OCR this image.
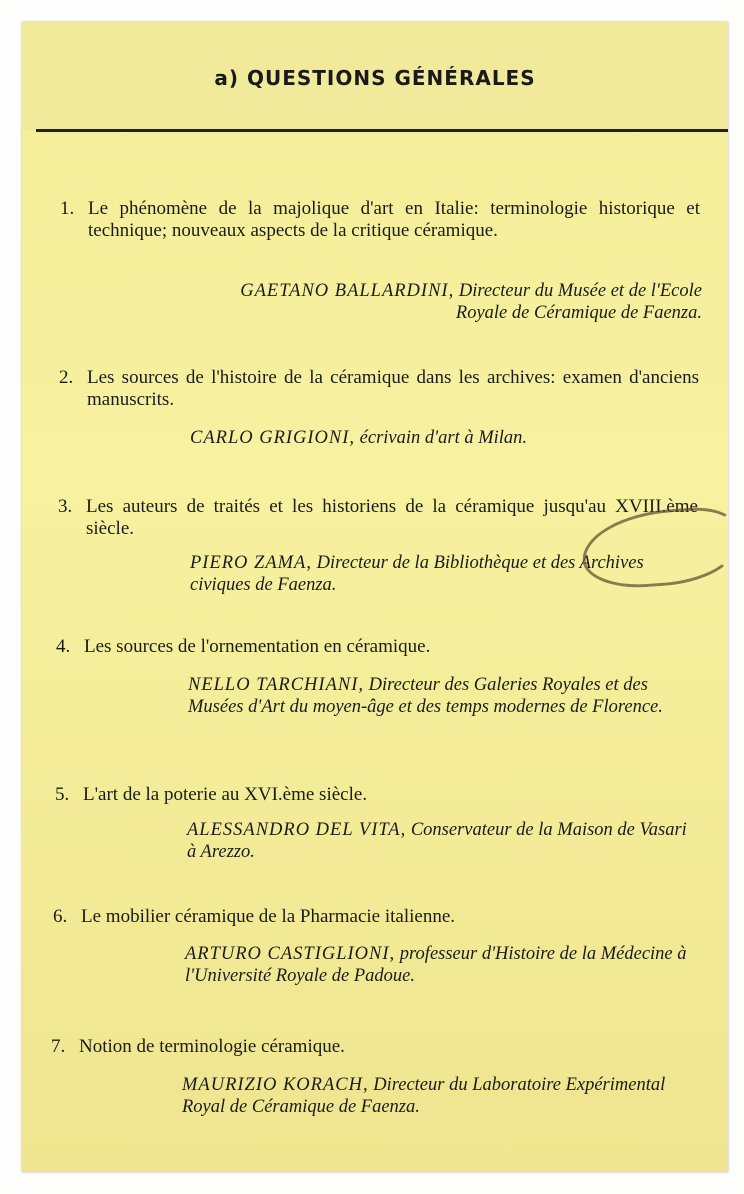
a) QUESTIONS GÉNÉRALES
1. Le phénomène de la majolique d'art en Italie: terminologie historique et technique; nouveaux aspects de la critique céramique.
GAETANO BALLARDINI, Directeur du Musée et de l'Ecole Royale de Céramique de Faenza.
2. Les sources de l'histoire de la céramique dans les archives: examen d'anciens manuscrits.
CARLO GRIGIONI, écrivain d'art à Milan.
3. Les auteurs de traités et les historiens de la céramique jusqu'au XVIII.ème siècle.
PIERO ZAMA, Directeur de la Bibliothèque et des Archives civiques de Faenza.
4. Les sources de l'ornementation en céramique.
NELLO TARCHIANI, Directeur des Galeries Royales et des Musées d'Art du moyen-âge et des temps modernes de Florence.
5. L'art de la poterie au XVI.ème siècle.
ALESSANDRO DEL VITA, Conservateur de la Maison de Vasari à Arezzo.
6. Le mobilier céramique de la Pharmacie italienne.
ARTURO CASTIGLIONI, professeur d'Histoire de la Médecine à l'Université Royale de Padoue.
7. Notion de terminologie céramique.
MAURIZIO KORACH, Directeur du Laboratoire Expérimental Royal de Céramique de Faenza.
